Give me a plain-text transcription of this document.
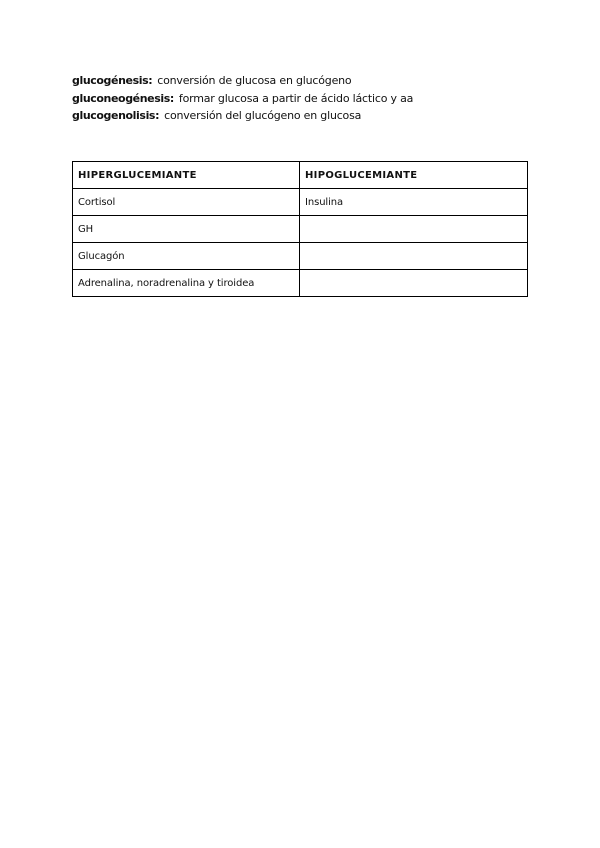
glucogénesis: conversión de glucosa en glucógeno
gluconeogénesis: formar glucosa a partir de ácido láctico y aa
glucogenolisis: conversión del glucógeno en glucosa
HIPERGLUCEMIANTE	HIPOGLUCEMIANTE
Cortisol	Insulina
GH	
Glucagón	
Adrenalina, noradrenalina y tiroidea	
